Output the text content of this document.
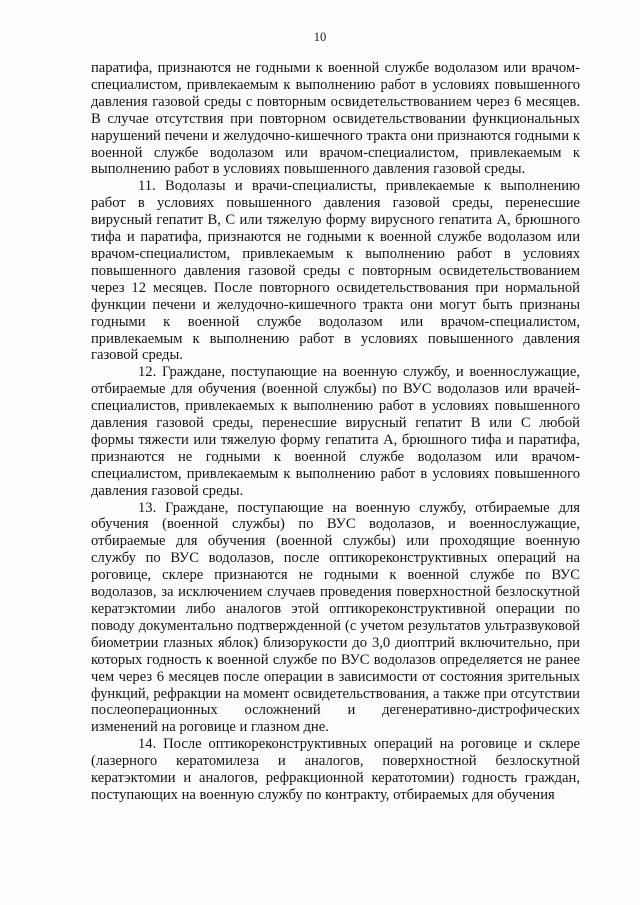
10

паратифа, признаются не годными к военной службе водолазом или врачом-специалистом, привлекаемым к выполнению работ в условиях повышенного давления газовой среды с повторным освидетельствованием через 6 месяцев. В случае отсутствия при повторном освидетельствовании функциональных нарушений печени и желудочно-кишечного тракта они признаются годными к военной службе водолазом или врачом-специалистом, привлекаемым к выполнению работ в условиях повышенного давления газовой среды.

11. Водолазы и врачи-специалисты, привлекаемые к выполнению работ в условиях повышенного давления газовой среды, перенесшие вирусный гепатит В, С или тяжелую форму вирусного гепатита А, брюшного тифа и паратифа, признаются не годными к военной службе водолазом или врачом-специалистом, привлекаемым к выполнению работ в условиях повышенного давления газовой среды с повторным освидетельствованием через 12 месяцев. После повторного освидетельствования при нормальной функции печени и желудочно-кишечного тракта они могут быть признаны годными к военной службе водолазом или врачом-специалистом, привлекаемым к выполнению работ в условиях повышенного давления газовой среды.

12. Граждане, поступающие на военную службу, и военнослужащие, отбираемые для обучения (военной службы) по ВУС водолазов или врачей-специалистов, привлекаемых к выполнению работ в условиях повышенного давления газовой среды, перенесшие вирусный гепатит В или С любой формы тяжести или тяжелую форму гепатита А, брюшного тифа и паратифа, признаются не годными к военной службе водолазом или врачом-специалистом, привлекаемым к выполнению работ в условиях повышенного давления газовой среды.

13. Граждане, поступающие на военную службу, отбираемые для обучения (военной службы) по ВУС водолазов, и военнослужащие, отбираемые для обучения (военной службы) или проходящие военную службу по ВУС водолазов, после оптикореконструктивных операций на роговице, склере признаются не годными к военной службе по ВУС водолазов, за исключением случаев проведения поверхностной безлоскутной кератэктомии либо аналогов этой оптикореконструктивной операции по поводу документально подтвержденной (с учетом результатов ультразвуковой биометрии глазных яблок) близорукости до 3,0 диоптрий включительно, при которых годность к военной службе по ВУС водолазов определяется не ранее чем через 6 месяцев после операции в зависимости от состояния зрительных функций, рефракции на момент освидетельствования, а также при отсутствии послеоперационных осложнений и дегенеративно-дистрофических изменений на роговице и глазном дне.

14. После оптикореконструктивных операций на роговице и склере (лазерного кератомилеза и аналогов, поверхностной безлоскутной кератэктомии и аналогов, рефракционной кератотомии) годность граждан, поступающих на военную службу по контракту, отбираемых для обучения
